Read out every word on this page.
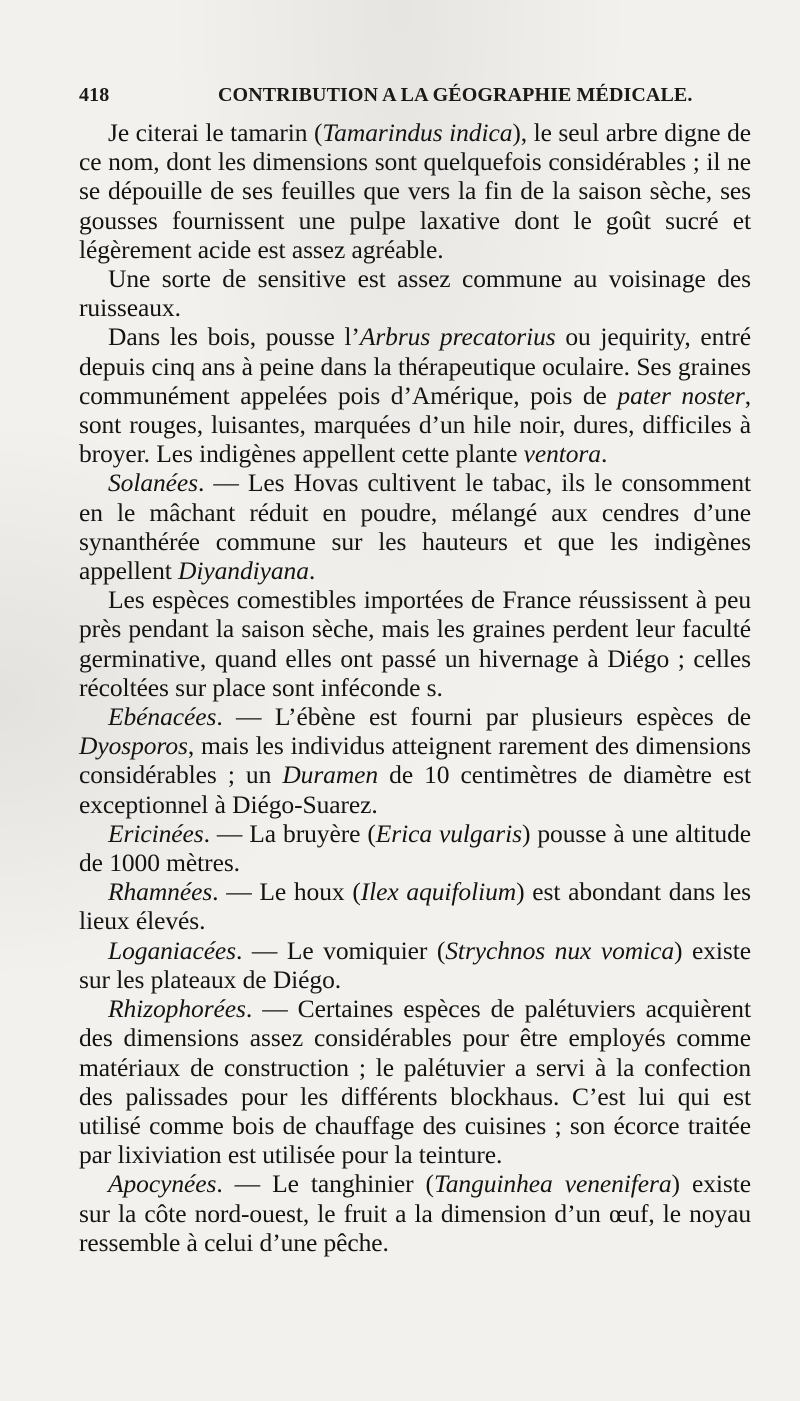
418	CONTRIBUTION A LA GÉOGRAPHIE MÉDICALE.

Je citerai le tamarin (Tamarindus indica), le seul arbre digne de ce nom, dont les dimensions sont quelquefois considérables ; il ne se dépouille de ses feuilles que vers la fin de la saison sèche, ses gousses fournissent une pulpe laxative dont le goût sucré et légèrement acide est assez agréable.

Une sorte de sensitive est assez commune au voisinage des ruisseaux.

Dans les bois, pousse l’Arbrus precatorius ou jequirity, entré depuis cinq ans à peine dans la thérapeutique oculaire. Ses graines communément appelées pois d’Amérique, pois de pater noster, sont rouges, luisantes, marquées d’un hile noir, dures, difficiles à broyer. Les indigènes appellent cette plante ventora.

Solanées. — Les Hovas cultivent le tabac, ils le consomment en le mâchant réduit en poudre, mélangé aux cendres d’une synanthérée commune sur les hauteurs et que les indigènes appellent Diyandiyana.

Les espèces comestibles importées de France réussissent à peu près pendant la saison sèche, mais les graines perdent leur faculté germinative, quand elles ont passé un hivernage à Diégo ; celles récoltées sur place sont inféconde s.

Ebénacées. — L’ébène est fourni par plusieurs espèces de Dyosporos, mais les individus atteignent rarement des dimensions considérables ; un Duramen de 10 centimètres de diamètre est exceptionnel à Diégo-Suarez.

Ericinées. — La bruyère (Erica vulgaris) pousse à une altitude de 1000 mètres.

Rhamnées. — Le houx (Ilex aquifolium) est abondant dans les lieux élevés.

Loganiacées. — Le vomiquier (Strychnos nux vomica) existe sur les plateaux de Diégo.

Rhizophorées. — Certaines espèces de palétuviers acquièrent des dimensions assez considérables pour être employés comme matériaux de construction ; le palétuvier a servi à la confection des palissades pour les différents blockhaus. C’est lui qui est utilisé comme bois de chauffage des cuisines ; son écorce traitée par lixiviation est utilisée pour la teinture.

Apocynées. — Le tanghinier (Tanguinhea venenifera) existe sur la côte nord-ouest, le fruit a la dimension d’un œuf, le noyau ressemble à celui d’une pêche.
